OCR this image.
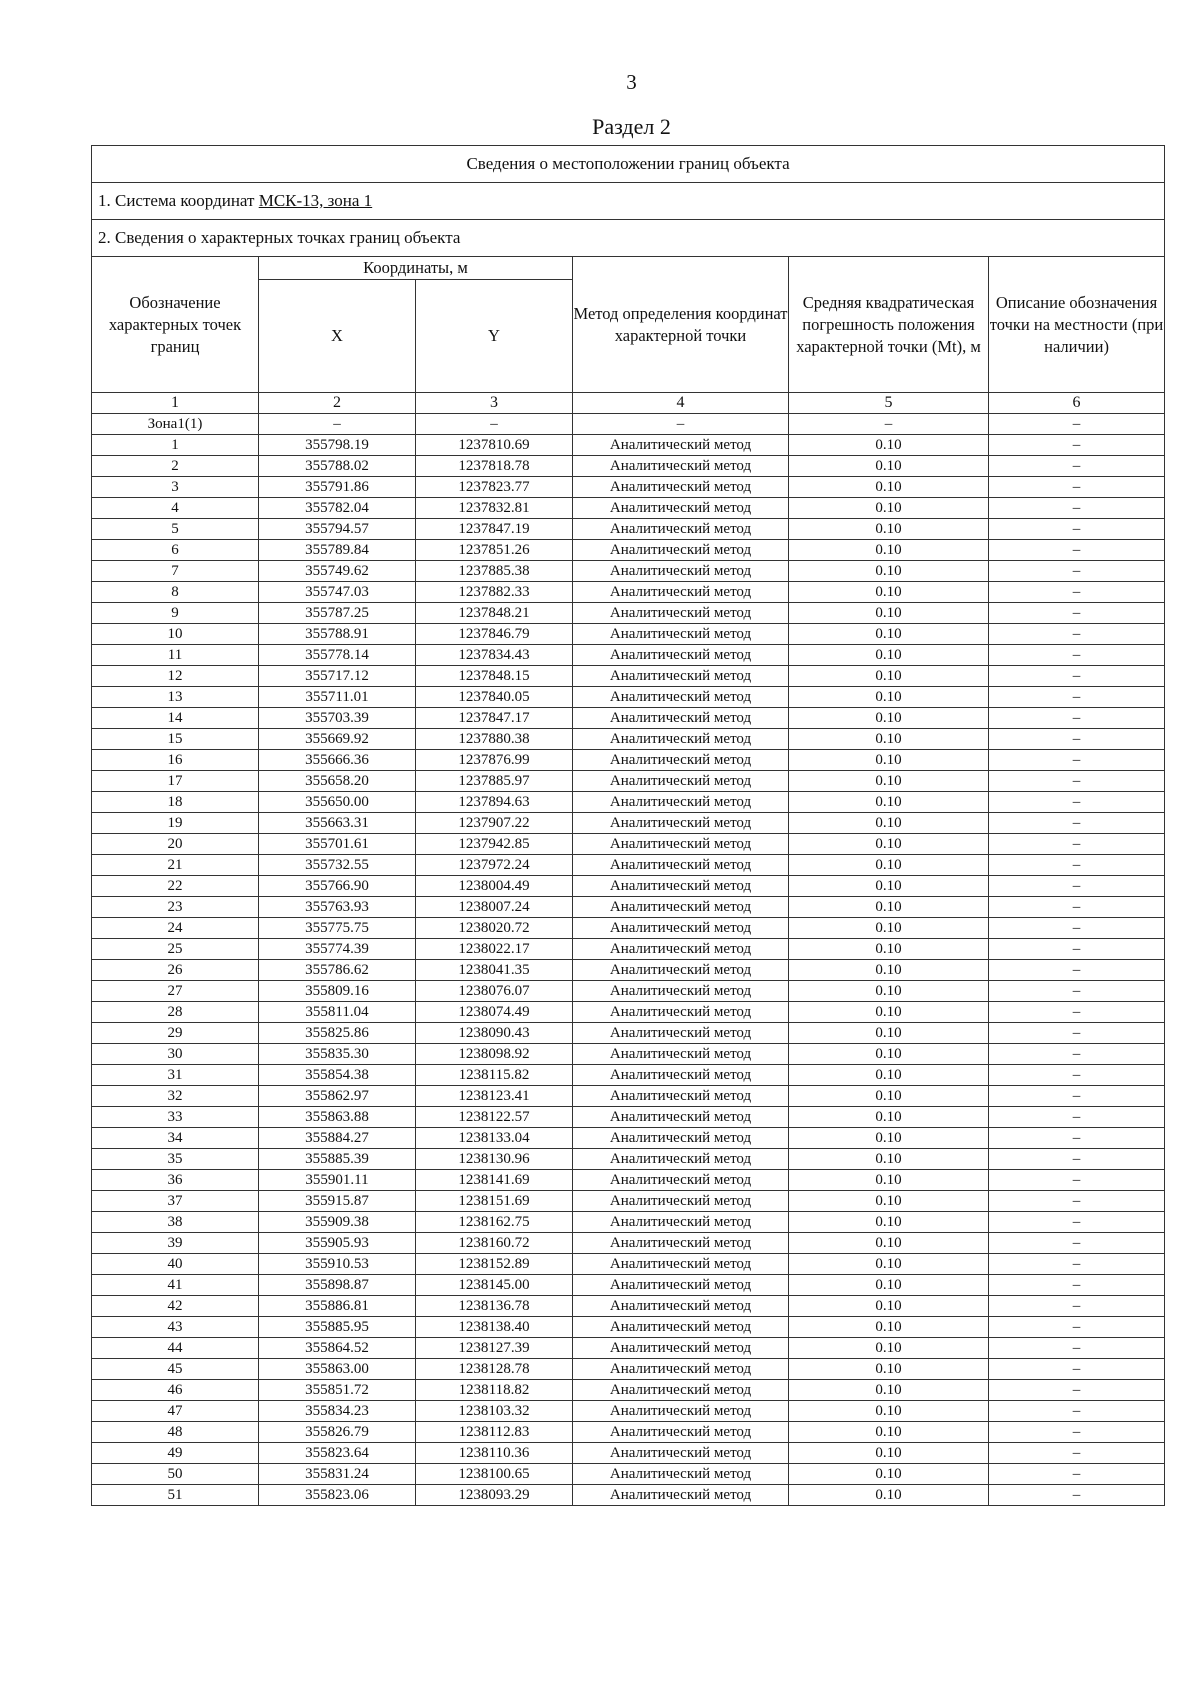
3
Раздел 2
Сведения о местоположении границ объекта					
1. Система координат МСК-13, зона 1					
2. Сведения о характерных точках границ объекта					
Обозначение характерных точек границ	Координаты, м		Метод определения координат характерной точки	Средняя квадратическая погрешность положения характерной точки (Mt), м	Описание обозначения точки на местности (при наличии)
	X	Y			
1	2	3	4	5	6
Зона1(1)	–	–	–	–	–
1	355798.19	1237810.69	Аналитический метод	0.10	–
2	355788.02	1237818.78	Аналитический метод	0.10	–
3	355791.86	1237823.77	Аналитический метод	0.10	–
4	355782.04	1237832.81	Аналитический метод	0.10	–
5	355794.57	1237847.19	Аналитический метод	0.10	–
6	355789.84	1237851.26	Аналитический метод	0.10	–
7	355749.62	1237885.38	Аналитический метод	0.10	–
8	355747.03	1237882.33	Аналитический метод	0.10	–
9	355787.25	1237848.21	Аналитический метод	0.10	–
10	355788.91	1237846.79	Аналитический метод	0.10	–
11	355778.14	1237834.43	Аналитический метод	0.10	–
12	355717.12	1237848.15	Аналитический метод	0.10	–
13	355711.01	1237840.05	Аналитический метод	0.10	–
14	355703.39	1237847.17	Аналитический метод	0.10	–
15	355669.92	1237880.38	Аналитический метод	0.10	–
16	355666.36	1237876.99	Аналитический метод	0.10	–
17	355658.20	1237885.97	Аналитический метод	0.10	–
18	355650.00	1237894.63	Аналитический метод	0.10	–
19	355663.31	1237907.22	Аналитический метод	0.10	–
20	355701.61	1237942.85	Аналитический метод	0.10	–
21	355732.55	1237972.24	Аналитический метод	0.10	–
22	355766.90	1238004.49	Аналитический метод	0.10	–
23	355763.93	1238007.24	Аналитический метод	0.10	–
24	355775.75	1238020.72	Аналитический метод	0.10	–
25	355774.39	1238022.17	Аналитический метод	0.10	–
26	355786.62	1238041.35	Аналитический метод	0.10	–
27	355809.16	1238076.07	Аналитический метод	0.10	–
28	355811.04	1238074.49	Аналитический метод	0.10	–
29	355825.86	1238090.43	Аналитический метод	0.10	–
30	355835.30	1238098.92	Аналитический метод	0.10	–
31	355854.38	1238115.82	Аналитический метод	0.10	–
32	355862.97	1238123.41	Аналитический метод	0.10	–
33	355863.88	1238122.57	Аналитический метод	0.10	–
34	355884.27	1238133.04	Аналитический метод	0.10	–
35	355885.39	1238130.96	Аналитический метод	0.10	–
36	355901.11	1238141.69	Аналитический метод	0.10	–
37	355915.87	1238151.69	Аналитический метод	0.10	–
38	355909.38	1238162.75	Аналитический метод	0.10	–
39	355905.93	1238160.72	Аналитический метод	0.10	–
40	355910.53	1238152.89	Аналитический метод	0.10	–
41	355898.87	1238145.00	Аналитический метод	0.10	–
42	355886.81	1238136.78	Аналитический метод	0.10	–
43	355885.95	1238138.40	Аналитический метод	0.10	–
44	355864.52	1238127.39	Аналитический метод	0.10	–
45	355863.00	1238128.78	Аналитический метод	0.10	–
46	355851.72	1238118.82	Аналитический метод	0.10	–
47	355834.23	1238103.32	Аналитический метод	0.10	–
48	355826.79	1238112.83	Аналитический метод	0.10	–
49	355823.64	1238110.36	Аналитический метод	0.10	–
50	355831.24	1238100.65	Аналитический метод	0.10	–
51	355823.06	1238093.29	Аналитический метод	0.10	–
